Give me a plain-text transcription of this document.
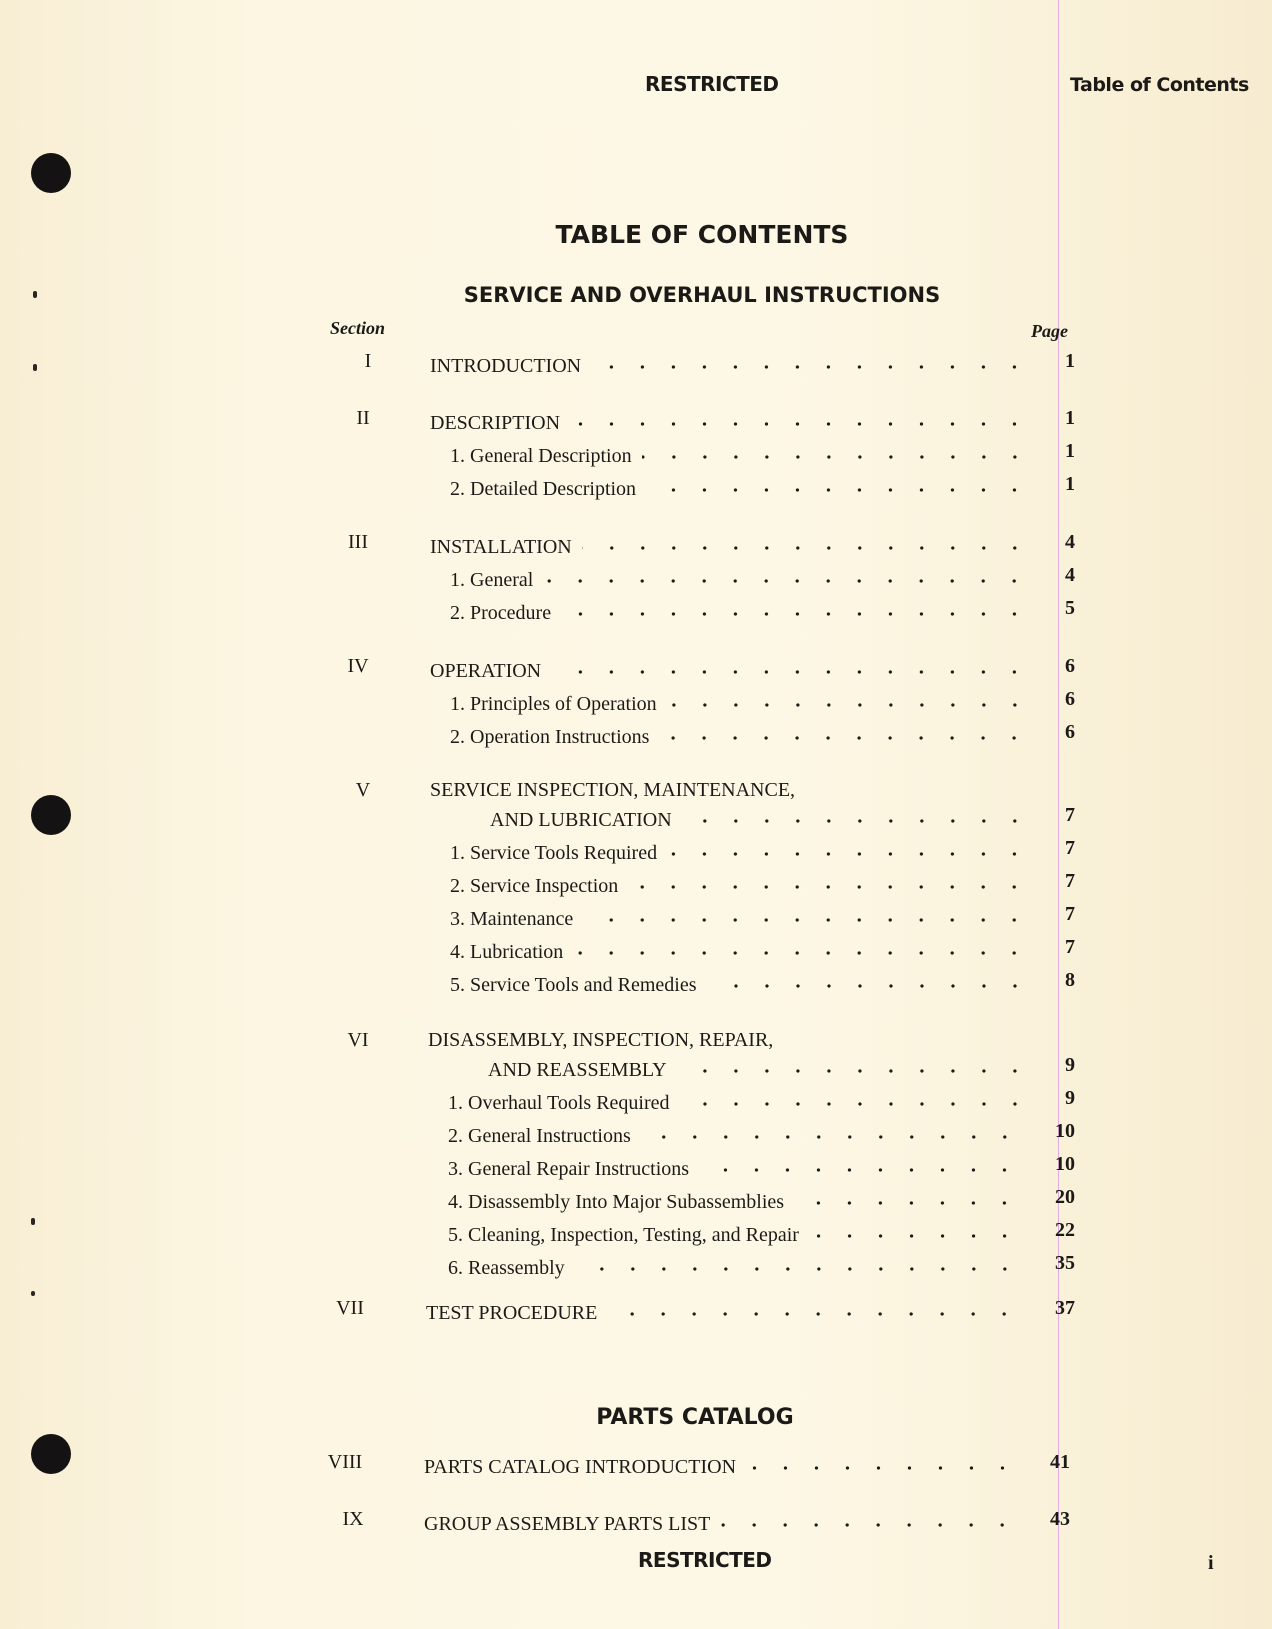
RESTRICTED	Table of Contents
TABLE OF CONTENTS
SERVICE AND OVERHAUL INSTRUCTIONS
Section	Page
I	INTRODUCTION	1
II	DESCRIPTION	1
1. General Description	1
2. Detailed Description	1
III	INSTALLATION	4
1. General	4
2. Procedure	5
IV	OPERATION	6
1. Principles of Operation	6
2. Operation Instructions	6
V	SERVICE INSPECTION, MAINTENANCE,
AND LUBRICATION	7
1. Service Tools Required	7
2. Service Inspection	7
3. Maintenance	7
4. Lubrication	7
5. Service Tools and Remedies	8
VI	DISASSEMBLY, INSPECTION, REPAIR,
AND REASSEMBLY	9
1. Overhaul Tools Required	9
2. General Instructions	10
3. General Repair Instructions	10
4. Disassembly Into Major Subassemblies	20
5. Cleaning, Inspection, Testing, and Repair	22
6. Reassembly	35
VII	TEST PROCEDURE	37
PARTS CATALOG
VIII	PARTS CATALOG INTRODUCTION	41
IX	GROUP ASSEMBLY PARTS LIST	43
RESTRICTED	i
